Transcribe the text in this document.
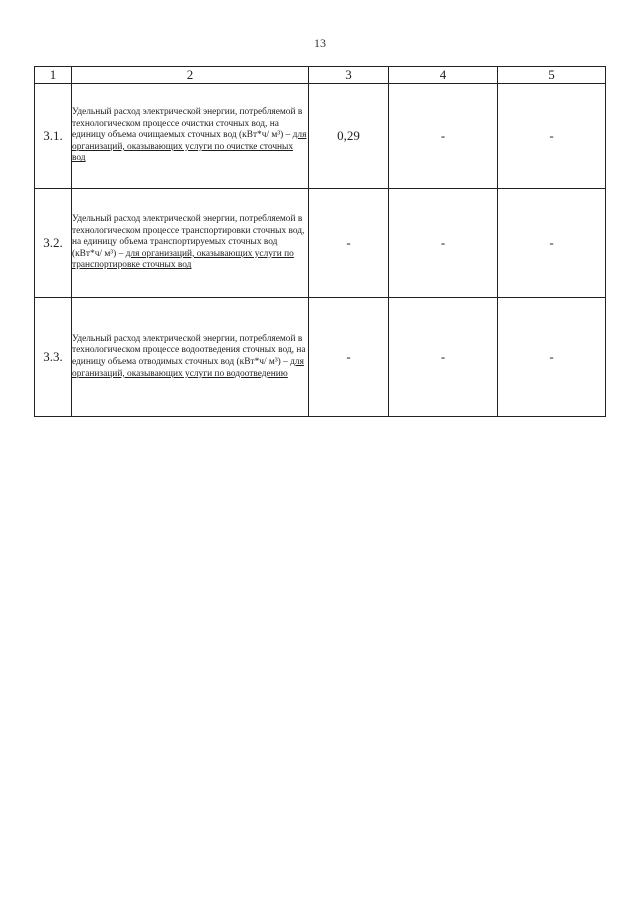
13
1	2	3	4	5
3.1.	Удельный расход электрической энергии, потребляемой в технологическом процессе очистки сточных вод, на единицу объема очищаемых сточных вод (кВт*ч/ м³) – для организаций, оказывающих услуги по очистке сточных вод	0,29	-	-
3.2.	Удельный расход электрической энергии, потребляемой в технологическом процессе транспортировки сточных вод, на единицу объема транспортируемых сточных вод (кВт*ч/ м³) – для организаций, оказывающих услуги по транспортировке сточных вод	-	-	-
3.3.	Удельный расход электрической энергии, потребляемой в технологическом процессе водоотведения сточных вод, на единицу объема отводимых сточных вод (кВт*ч/ м³) – для организаций, оказывающих услуги по водоотведению	-	-	-
